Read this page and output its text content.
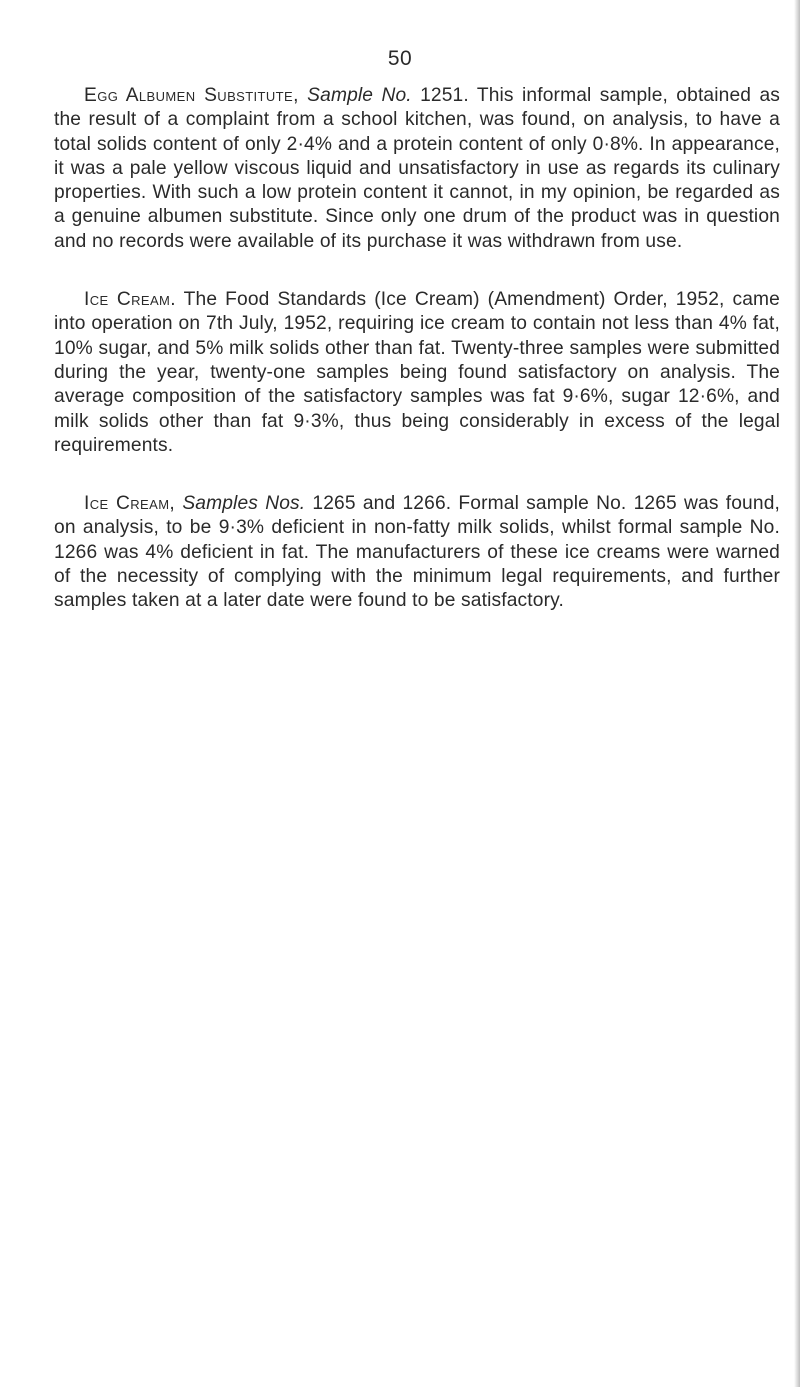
50

Egg Albumen Substitute, Sample No. 1251. This informal sample, obtained as the result of a complaint from a school kitchen, was found, on analysis, to have a total solids content of only 2·4% and a protein content of only 0·8%. In appearance, it was a pale yellow viscous liquid and unsatisfactory in use as regards its culinary properties. With such a low protein content it cannot, in my opinion, be regarded as a genuine albumen substitute. Since only one drum of the product was in question and no records were available of its purchase it was withdrawn from use.

Ice Cream. The Food Standards (Ice Cream) (Amendment) Order, 1952, came into operation on 7th July, 1952, requiring ice cream to contain not less than 4% fat, 10% sugar, and 5% milk solids other than fat. Twenty-three samples were submitted during the year, twenty-one samples being found satisfactory on analysis. The average composition of the satisfactory samples was fat 9·6%, sugar 12·6%, and milk solids other than fat 9·3%, thus being considerably in excess of the legal requirements.

Ice Cream, Samples Nos. 1265 and 1266. Formal sample No. 1265 was found, on analysis, to be 9·3% deficient in non-fatty milk solids, whilst formal sample No. 1266 was 4% deficient in fat. The manufacturers of these ice creams were warned of the necessity of complying with the minimum legal requirements, and further samples taken at a later date were found to be satisfactory.
